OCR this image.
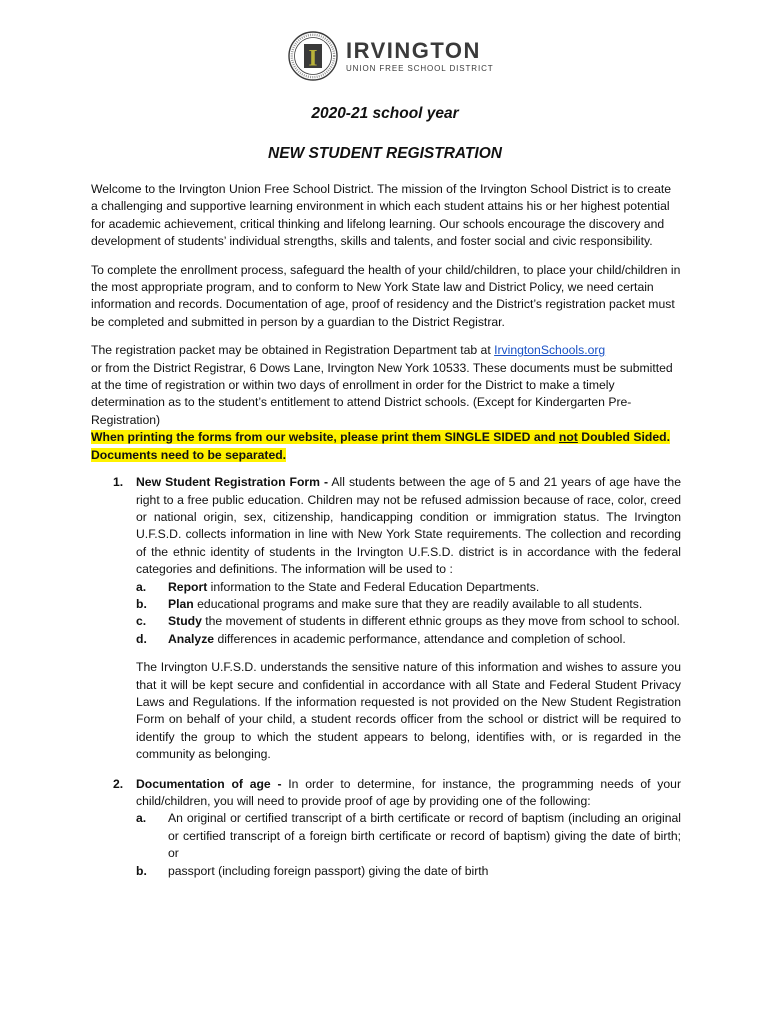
I IRVINGTON
UNION FREE SCHOOL DISTRICT
2020-21 school year
NEW STUDENT REGISTRATION

Welcome to the Irvington Union Free School District. The mission of the Irvington School District is to create a challenging and supportive learning environment in which each student attains his or her highest potential for academic achievement, critical thinking and lifelong learning. Our schools encourage the discovery and development of students’ individual strengths, skills and talents, and foster social and civic responsibility.

To complete the enrollment process, safeguard the health of your child/children, to place your child/children in the most appropriate program, and to conform to New York State law and District Policy, we need certain information and records. Documentation of age, proof of residency and the District’s registration packet must be completed and submitted in person by a guardian to the District Registrar.

The registration packet may be obtained in Registration Department tab at IrvingtonSchools.org
or from the District Registrar, 6 Dows Lane, Irvington New York 10533. These documents must be submitted at the time of registration or within two days of enrollment in order for the District to make a timely determination as to the student’s entitlement to attend District schools. (Except for Kindergarten Pre-Registration)
When printing the forms from our website, please print them SINGLE SIDED and not Doubled Sided.
Documents need to be separated.

1. New Student Registration Form - All students between the age of 5 and 21 years of age have the right to a free public education. Children may not be refused admission because of race, color, creed or national origin, sex, citizenship, handicapping condition or immigration status. The Irvington U.F.S.D. collects information in line with New York State requirements. The collection and recording of the ethnic identity of students in the Irvington U.F.S.D. district is in accordance with the federal categories and definitions. The information will be used to :
a. Report information to the State and Federal Education Departments.
b. Plan educational programs and make sure that they are readily available to all students.
c. Study the movement of students in different ethnic groups as they move from school to school.
d. Analyze differences in academic performance, attendance and completion of school.
The Irvington U.F.S.D. understands the sensitive nature of this information and wishes to assure you that it will be kept secure and confidential in accordance with all State and Federal Student Privacy Laws and Regulations. If the information requested is not provided on the New Student Registration Form on behalf of your child, a student records officer from the school or district will be required to identify the group to which the student appears to belong, identifies with, or is regarded in the community as belonging.
2. Documentation of age - In order to determine, for instance, the programming needs of your child/children, you will need to provide proof of age by providing one of the following:
a. An original or certified transcript of a birth certificate or record of baptism (including an original or certified transcript of a foreign birth certificate or record of baptism) giving the date of birth; or
b. passport (including foreign passport) giving the date of birth
